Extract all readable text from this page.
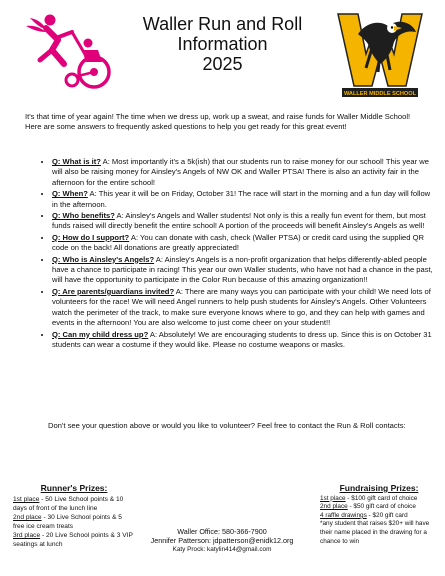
Waller Run and Roll
Information
2025
WALLER MIDDLE SCHOOL
It's that time of year again! The time when we dress up, work up a sweat, and raise funds for Waller Middle School! Here are some answers to frequently asked questions to help you get ready for this great event!
• Q: What is it? A: Most importantly it's a 5k(ish) that our students run to raise money for our school! This year we will also be raising money for Ainsley's Angels of NW OK and Waller PTSA! There is also an activity fair in the afternoon for the entire school!
• Q: When? A: This year it will be on Friday, October 31! The race will start in the morning and a fun day will follow in the afternoon.
• Q: Who benefits? A: Ainsley's Angels and Waller students! Not only is this a really fun event for them, but most funds raised will directly benefit the entire school! A portion of the proceeds will benefit Ainsley's Angels as well!
• Q: How do I support? A: You can donate with cash, check (Waller PTSA) or credit card using the supplied QR code on the back! All donations are greatly appreciated!
• Q: Who is Ainsley's Angels? A: Ainsley's Angels is a non-profit organization that helps differently-abled people have a chance to participate in racing! This year our own Waller students, who have not had a chance in the past, will have the opportunity to participate in the Color Run because of this amazing organization!!
• Q: Are parents/guardians invited? A: There are many ways you can participate with your child! We need lots of volunteers for the race! We will need Angel runners to help push students for Ainsley's Angels. Other Volunteers watch the perimeter of the track, to make sure everyone knows where to go, and they can help with games and events in the afternoon! You are also welcome to just come cheer on your student!!
• Q: Can my child dress up? A: Absolutely! We are encouraging students to dress up. Since this is on October 31 students can wear a costume if they would like. Please no costume weapons or masks.
Don't see your question above or would you like to volunteer? Feel free to contact the Run & Roll contacts:
Runner's Prizes:
1st place - 50 Live School points & 10 days of front of the lunch line
2nd place - 30 Live School points & 5 free ice cream treats
3rd place - 20 Live School points & 3 VIP seatings at lunch
Waller Office: 580-366-7900
Jennifer Patterson: jdpatterson@enidk12.org
Katy Prock: katylin414@gmail.com
Fundraising Prizes:
1st place - $100 gift card of choice
2nd place - $50 gift card of choice
4 raffle drawings - $20 gift card
*any student that raises $20+ will have their name placed in the drawing for a chance to win
